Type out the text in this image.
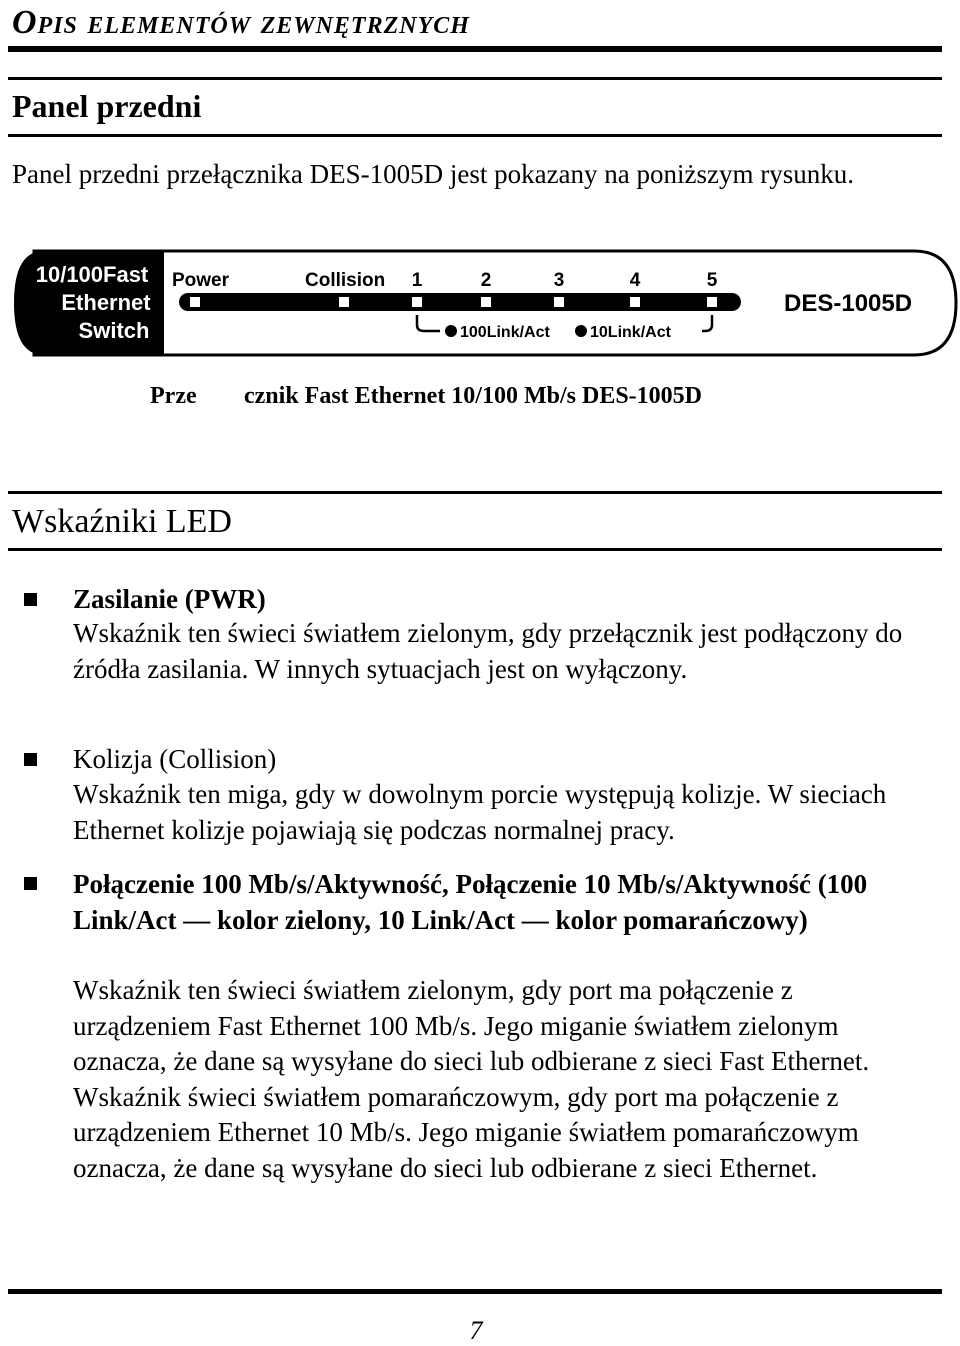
Opis elementów zewnętrznych
Panel przedni
Panel przedni przełącznika DES-1005D jest pokazany na poniższym rysunku.
10/100Fast
Ethernet
Switch
Power	Collision 1	2	3	4	5
100Link/Act	10Link/Act
DES-1005D
Prze cznik Fast Ethernet 10/100 Mb/s DES-1005D
Wskaźniki LED
Zasilanie (PWR)
Wskaźnik ten świeci światłem zielonym, gdy przełącznik jest podłączony do źródła zasilania. W innych sytuacjach jest on wyłączony.
Kolizja (Collision)
Wskaźnik ten miga, gdy w dowolnym porcie występują kolizje. W sieciach Ethernet kolizje pojawiają się podczas normalnej pracy.
Połączenie 100 Mb/s/Aktywność, Połączenie 10 Mb/s/Aktywność (100 Link/Act — kolor zielony, 10 Link/Act — kolor pomarańczowy)
Wskaźnik ten świeci światłem zielonym, gdy port ma połączenie z urządzeniem Fast Ethernet 100 Mb/s. Jego miganie światłem zielonym oznacza, że dane są wysyłane do sieci lub odbierane z sieci Fast Ethernet. Wskaźnik świeci światłem pomarańczowym, gdy port ma połączenie z urządzeniem Ethernet 10 Mb/s. Jego miganie światłem pomarańczowym oznacza, że dane są wysyłane do sieci lub odbierane z sieci Ethernet.
7
